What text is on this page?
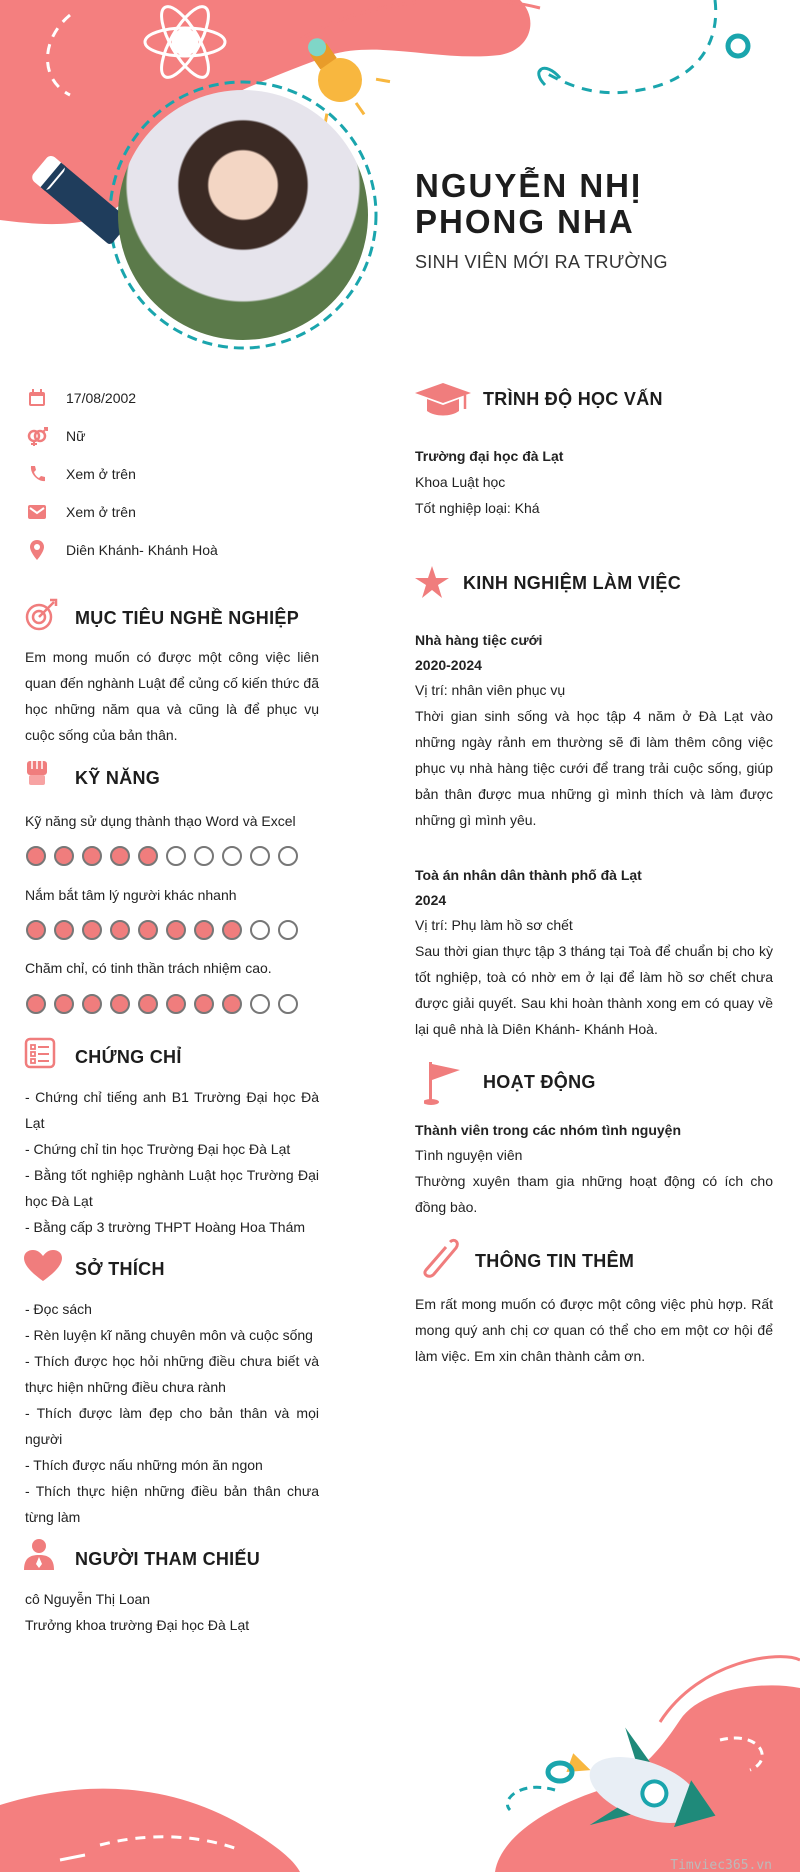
NGUYỄN NHỊ PHONG NHA
SINH VIÊN MỚI RA TRƯỜNG
17/08/2002
Nữ
Xem ở trên
Xem ở trên
Diên Khánh- Khánh Hoà
MỤC TIÊU NGHỀ NGHIỆP
Em mong muốn có được một công việc liên quan đến nghành Luật để củng cố kiến thức đã học những năm qua và cũng là để phục vụ cuộc sống của bản thân.
KỸ NĂNG
Kỹ năng sử dụng thành thạo Word và Excel
Nắm bắt tâm lý người khác nhanh
Chăm chỉ, có tinh thần trách nhiệm cao.
CHỨNG CHỈ
- Chứng chỉ tiếng anh B1 Trường Đại học Đà Lạt
- Chứng chỉ tin học Trường Đại học Đà Lạt
- Bằng tốt nghiệp nghành Luật học Trường Đại học Đà Lạt
- Bằng cấp 3 trường THPT Hoàng Hoa Thám
SỞ THÍCH
- Đọc sách
- Rèn luyện kĩ năng chuyên môn và cuộc sống
- Thích được học hỏi những điều chưa biết và thực hiện những điều chưa rành
- Thích được làm đẹp cho bản thân và mọi người
- Thích được nấu những món ăn ngon
- Thích thực hiện những điều bản thân chưa từng làm
NGƯỜI THAM CHIẾU
cô Nguyễn Thị Loan
Trưởng khoa trường Đại học Đà Lạt
TRÌNH ĐỘ HỌC VẤN
Trường đại học đà Lạt
Khoa Luật học
Tốt nghiệp loại: Khá
KINH NGHIỆM LÀM VIỆC
Nhà hàng tiệc cưới
2020-2024
Vị trí: nhân viên phục vụ
Thời gian sinh sống và học tập 4 năm ở Đà Lạt vào những ngày rảnh em thường sẽ đi làm thêm công việc phục vụ nhà hàng tiệc cưới để trang trải cuộc sống, giúp bản thân được mua những gì mình thích và làm được những gì mình yêu.
Toà án nhân dân thành phố đà Lạt
2024
Vị trí: Phụ làm hồ sơ chết
Sau thời gian thực tập 3 tháng tại Toà để chuẩn bị cho kỳ tốt nghiệp, toà có nhờ em ở lại để làm hồ sơ chết chưa được giải quyết. Sau khi hoàn thành xong em có quay về lại quê nhà là Diên Khánh- Khánh Hoà.
HOẠT ĐỘNG
Thành viên trong các nhóm tình nguyện
Tình nguyện viên
Thường xuyên tham gia những hoạt động có ích cho đồng bào.
THÔNG TIN THÊM
Em rất mong muốn có được một công việc phù hợp. Rất mong quý anh chị cơ quan có thể cho em một cơ hội để làm việc. Em xin chân thành cảm ơn.
Timviec365.vn
